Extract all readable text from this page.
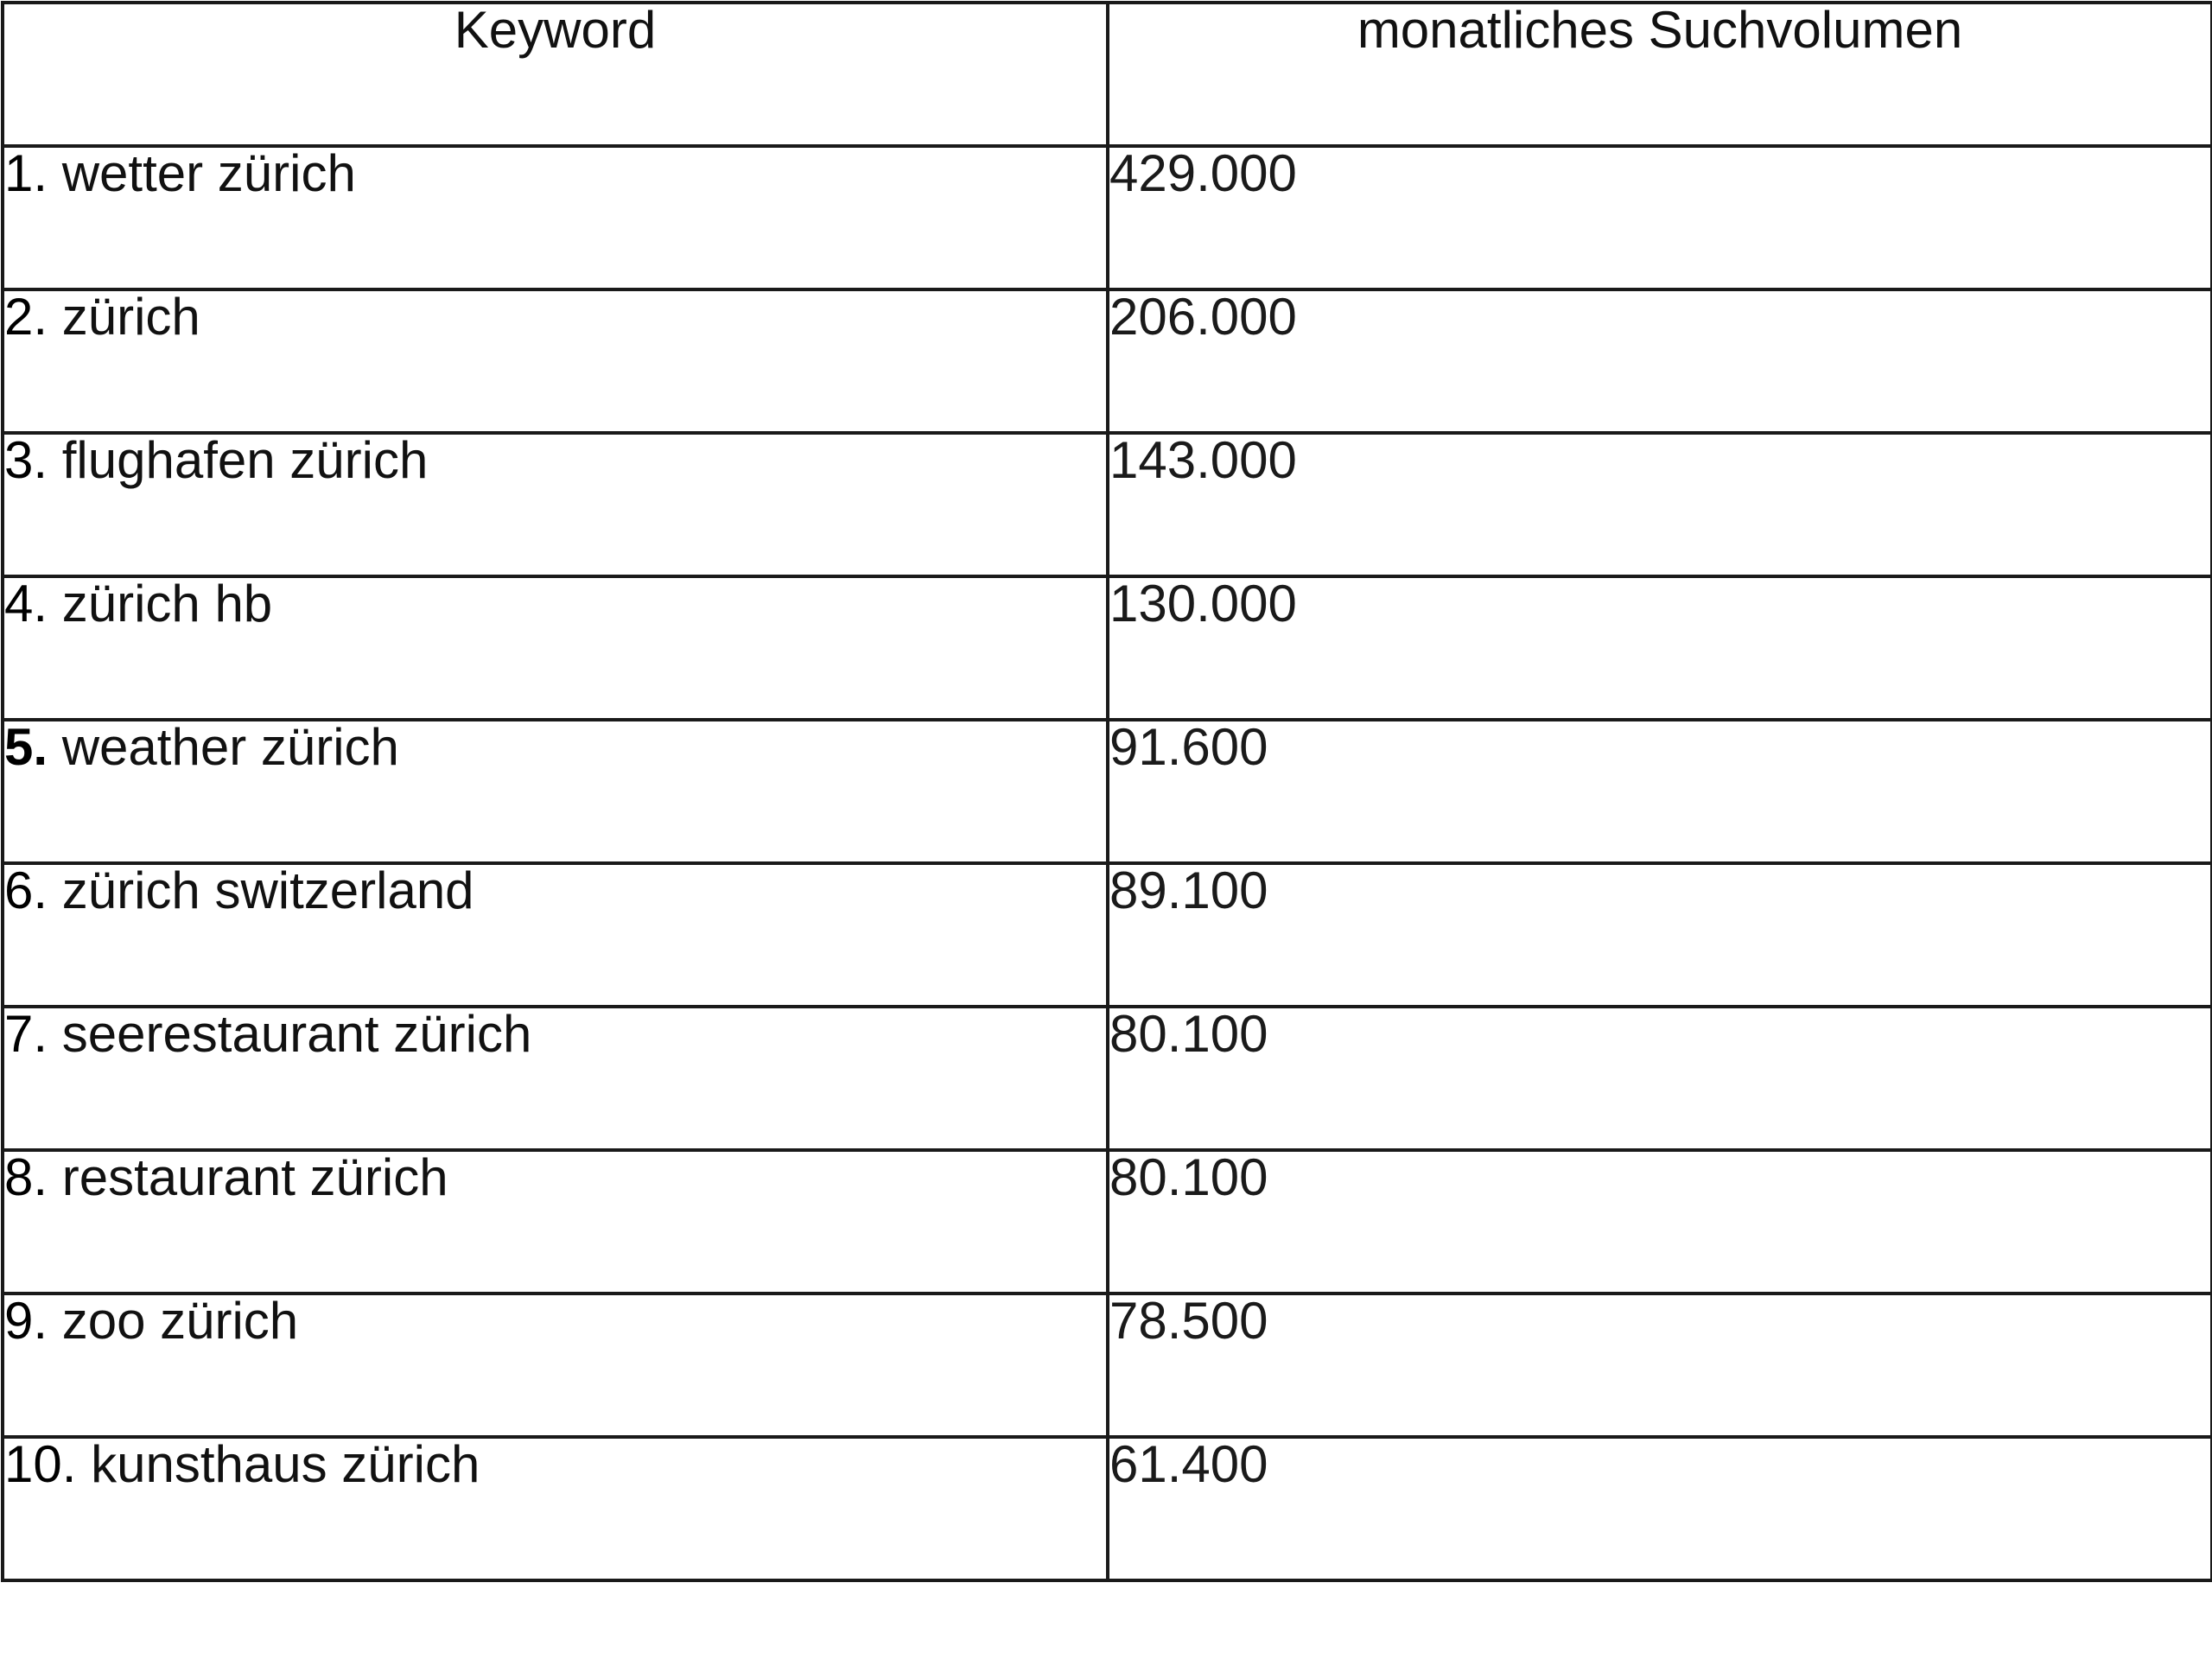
Keyword	monatliches Suchvolumen
1. wetter zürich	429.000
2. zürich	206.000
3. flughafen zürich	143.000
4. zürich hb	130.000
5. weather zürich	91.600
6. zürich switzerland	89.100
7. seerestaurant zürich	80.100
8. restaurant zürich	80.100
9. zoo zürich	78.500
10. kunsthaus zürich	61.400
